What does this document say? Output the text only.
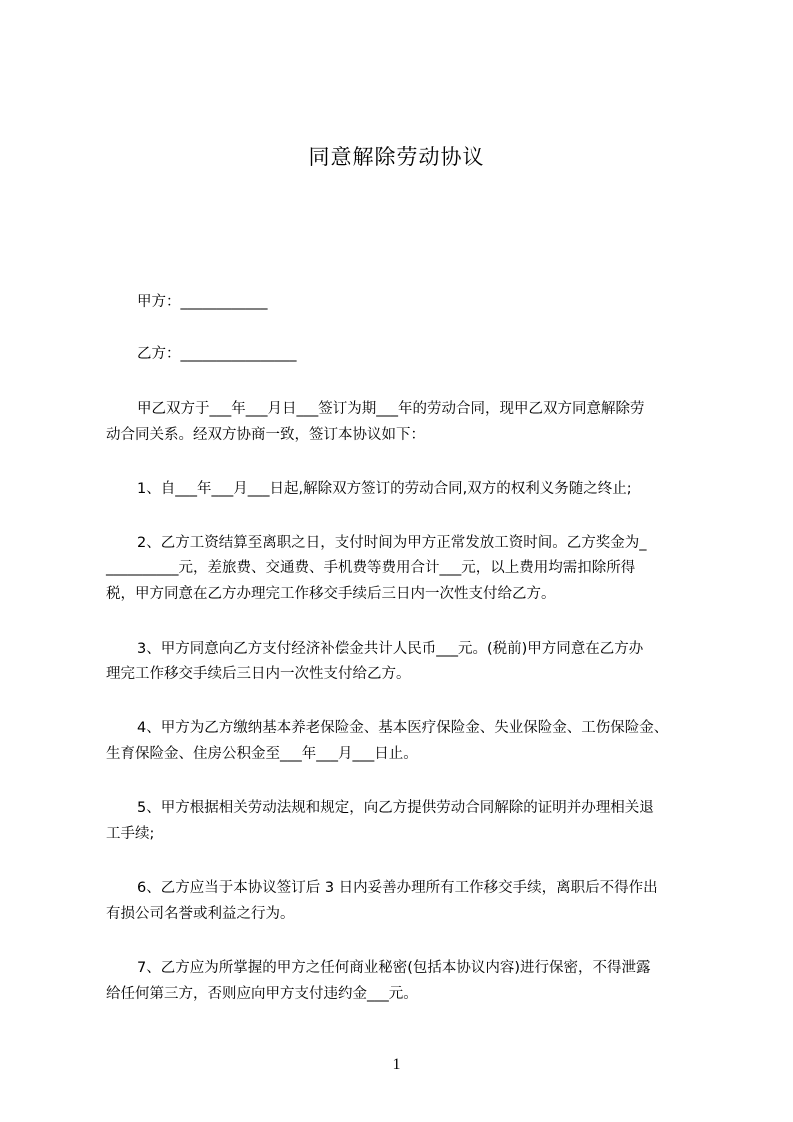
同意解除劳动协议
甲方：____________
乙方：________________
甲乙双方于___年___月日___签订为期___年的劳动合同，现甲乙双方同意解除劳
动合同关系。经双方协商一致，签订本协议如下：
1、自___年___月___日起,解除双方签订的劳动合同,双方的权利义务随之终止;
2、乙方工资结算至离职之日，支付时间为甲方正常发放工资时间。乙方奖金为_
__________元，差旅费、交通费、手机费等费用合计___元，以上费用均需扣除所得
税，甲方同意在乙方办理完工作移交手续后三日内一次性支付给乙方。
3、甲方同意向乙方支付经济补偿金共计人民币___元。(税前)甲方同意在乙方办
理完工作移交手续后三日内一次性支付给乙方。
4、甲方为乙方缴纳基本养老保险金、基本医疗保险金、失业保险金、工伤保险金、
生育保险金、住房公积金至___年___月___日止。
5、甲方根据相关劳动法规和规定，向乙方提供劳动合同解除的证明并办理相关退
工手续;
6、乙方应当于本协议签订后 3 日内妥善办理所有工作移交手续，离职后不得作出
有损公司名誉或利益之行为。
7、乙方应为所掌握的甲方之任何商业秘密(包括本协议内容)进行保密，不得泄露
给任何第三方，否则应向甲方支付违约金___元。
1
